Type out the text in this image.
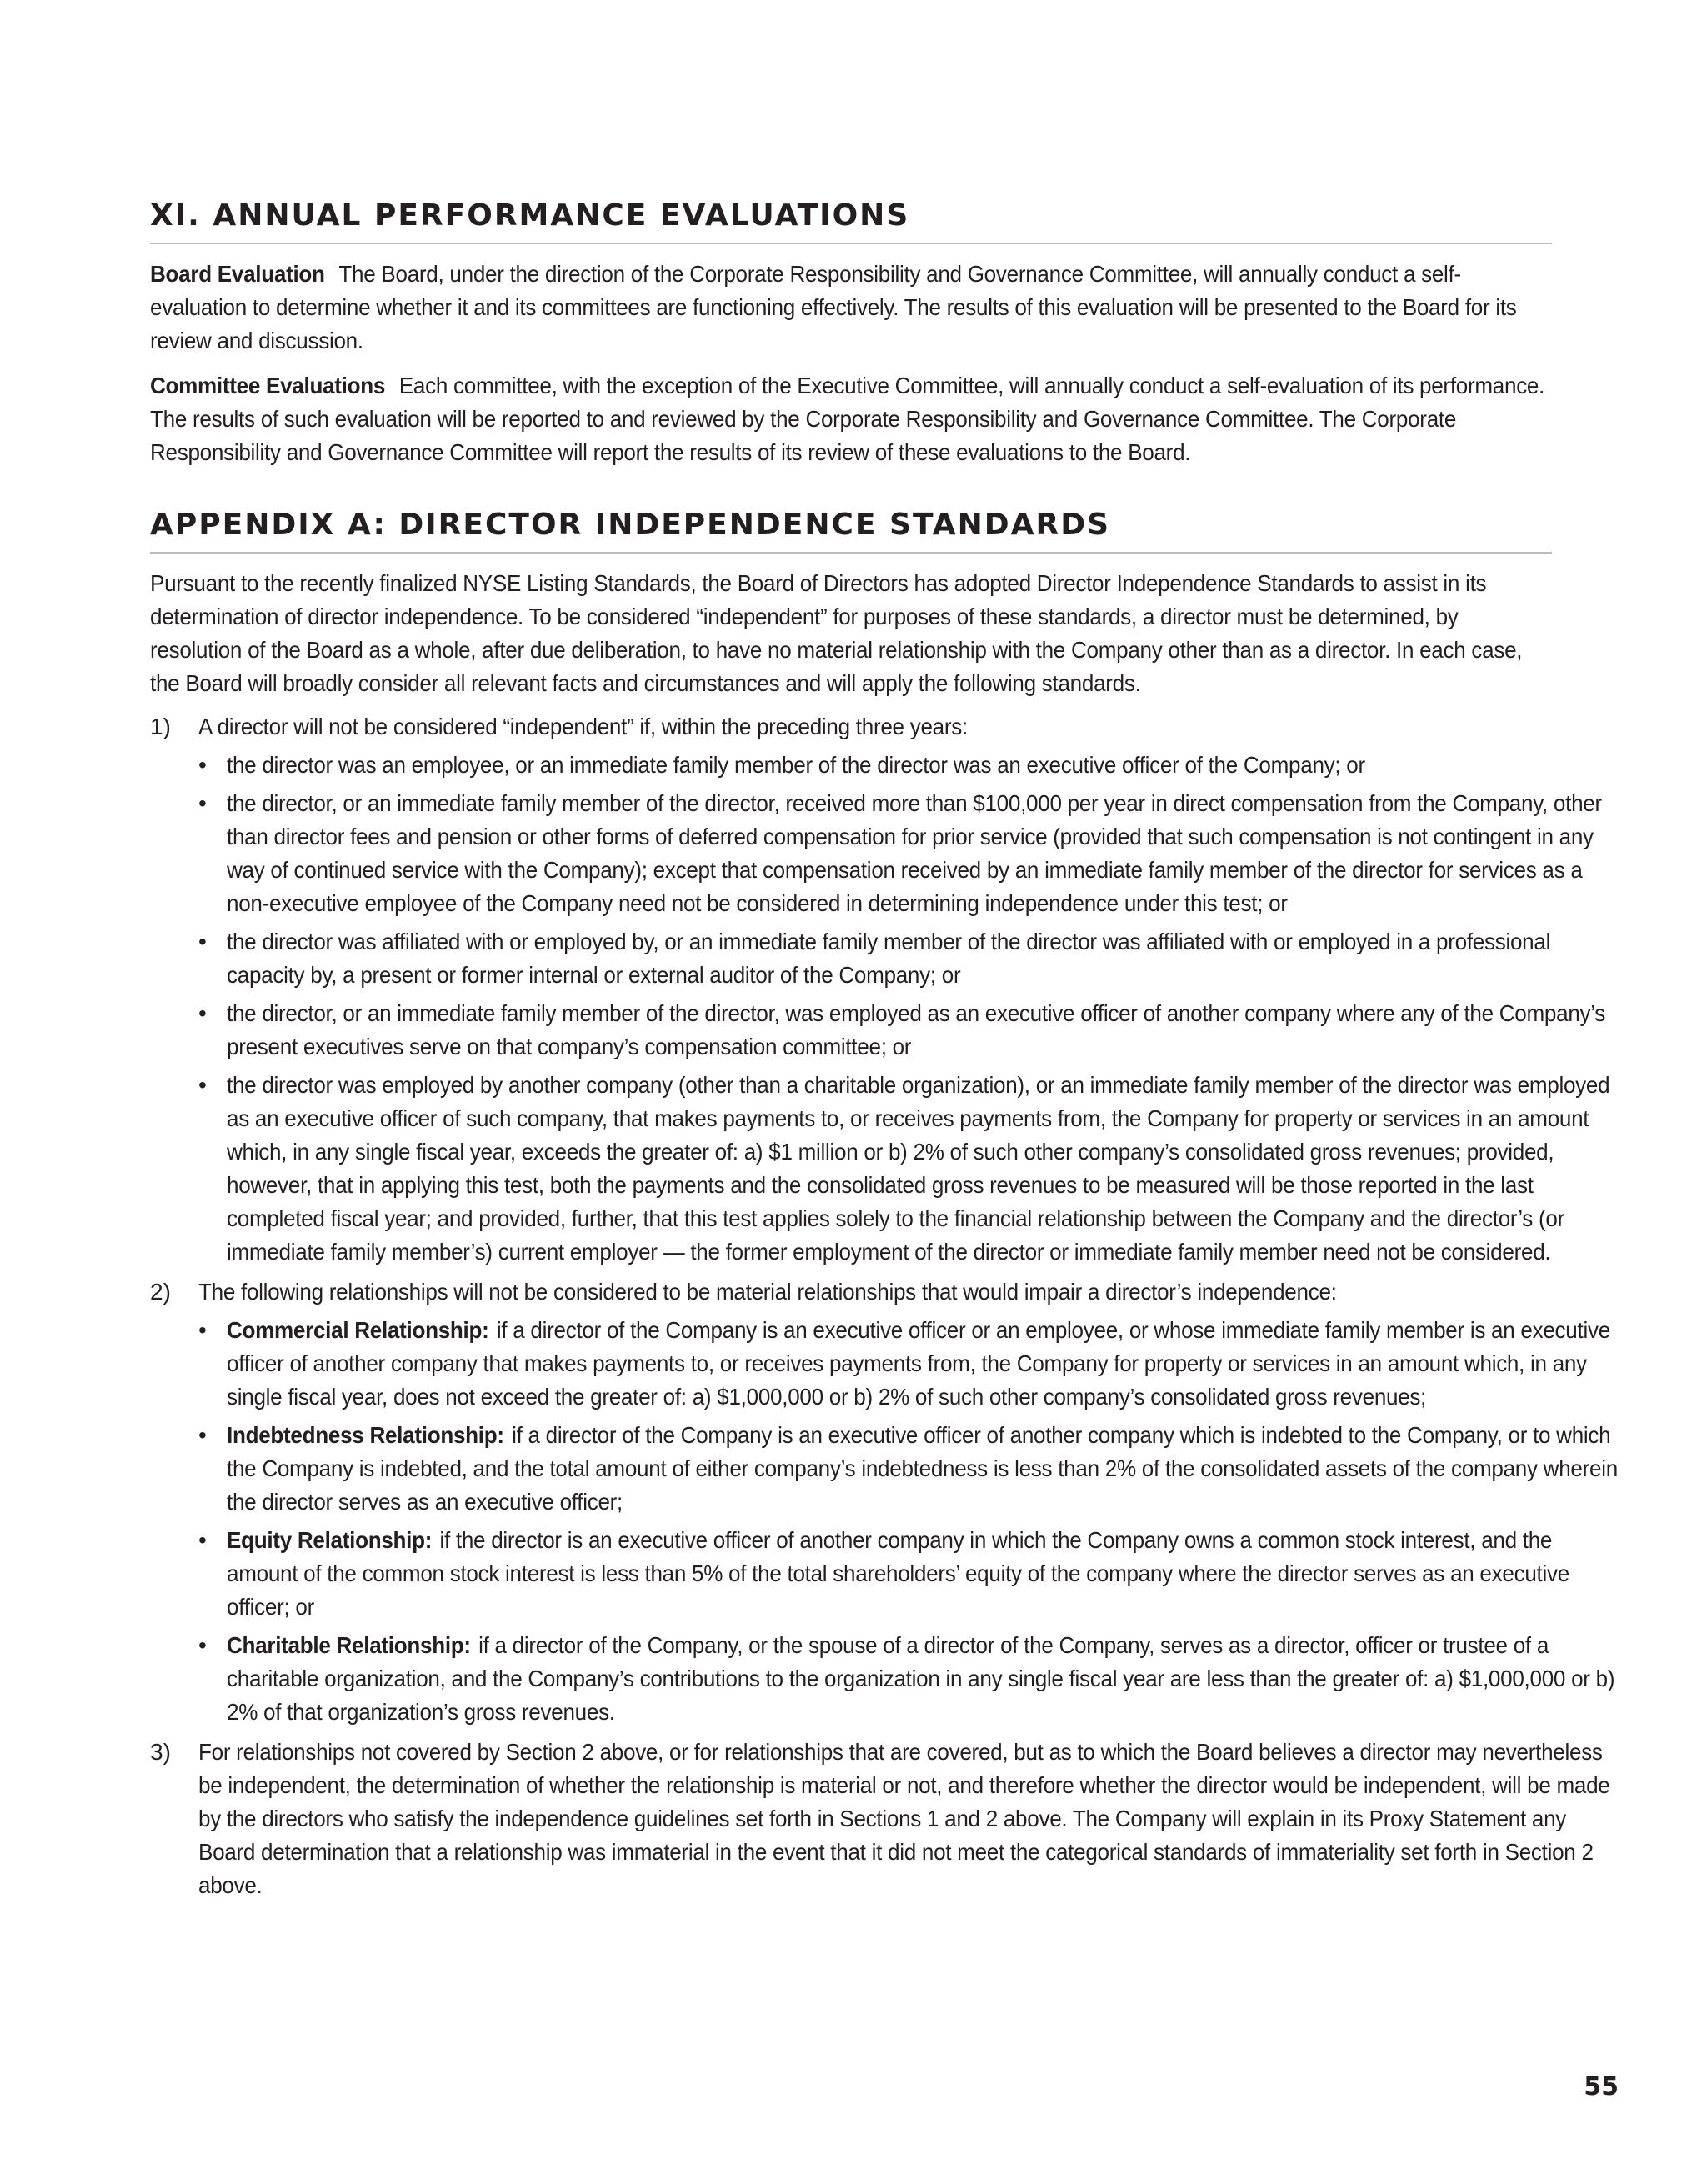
XI. ANNUAL PERFORMANCE EVALUATIONS

Board Evaluation The Board, under the direction of the Corporate Responsibility and Governance Committee, will annually conduct a self-evaluation to determine whether it and its committees are functioning effectively. The results of this evaluation will be presented to the Board for its review and discussion.

Committee Evaluations Each committee, with the exception of the Executive Committee, will annually conduct a self-evaluation of its performance. The results of such evaluation will be reported to and reviewed by the Corporate Responsibility and Governance Committee. The Corporate Responsibility and Governance Committee will report the results of its review of these evaluations to the Board.

APPENDIX A: DIRECTOR INDEPENDENCE STANDARDS

Pursuant to the recently finalized NYSE Listing Standards, the Board of Directors has adopted Director Independence Standards to assist in its determination of director independence. To be considered “independent” for purposes of these standards, a director must be determined, by resolution of the Board as a whole, after due deliberation, to have no material relationship with the Company other than as a director. In each case, the Board will broadly consider all relevant facts and circumstances and will apply the following standards.

1) A director will not be considered “independent” if, within the preceding three years:
• the director was an employee, or an immediate family member of the director was an executive officer of the Company; or
• the director, or an immediate family member of the director, received more than $100,000 per year in direct compensation from the Company, other than director fees and pension or other forms of deferred compensation for prior service (provided that such compensation is not contingent in any way of continued service with the Company); except that compensation received by an immediate family member of the director for services as a non-executive employee of the Company need not be considered in determining independence under this test; or
• the director was affiliated with or employed by, or an immediate family member of the director was affiliated with or employed in a professional capacity by, a present or former internal or external auditor of the Company; or
• the director, or an immediate family member of the director, was employed as an executive officer of another company where any of the Company’s present executives serve on that company’s compensation committee; or
• the director was employed by another company (other than a charitable organization), or an immediate family member of the director was employed as an executive officer of such company, that makes payments to, or receives payments from, the Company for property or services in an amount which, in any single fiscal year, exceeds the greater of: a) $1 million or b) 2% of such other company’s consolidated gross revenues; provided, however, that in applying this test, both the payments and the consolidated gross revenues to be measured will be those reported in the last completed fiscal year; and provided, further, that this test applies solely to the financial relationship between the Company and the director’s (or immediate family member’s) current employer — the former employment of the director or immediate family member need not be considered.
2) The following relationships will not be considered to be material relationships that would impair a director’s independence:
• Commercial Relationship: if a director of the Company is an executive officer or an employee, or whose immediate family member is an executive officer of another company that makes payments to, or receives payments from, the Company for property or services in an amount which, in any single fiscal year, does not exceed the greater of: a) $1,000,000 or b) 2% of such other company’s consolidated gross revenues;
• Indebtedness Relationship: if a director of the Company is an executive officer of another company which is indebted to the Company, or to which the Company is indebted, and the total amount of either company’s indebtedness is less than 2% of the consolidated assets of the company wherein the director serves as an executive officer;
• Equity Relationship: if the director is an executive officer of another company in which the Company owns a common stock interest, and the amount of the common stock interest is less than 5% of the total shareholders’ equity of the company where the director serves as an executive officer; or
• Charitable Relationship: if a director of the Company, or the spouse of a director of the Company, serves as a director, officer or trustee of a charitable organization, and the Company’s contributions to the organization in any single fiscal year are less than the greater of: a) $1,000,000 or b) 2% of that organization’s gross revenues.
3) For relationships not covered by Section 2 above, or for relationships that are covered, but as to which the Board believes a director may nevertheless be independent, the determination of whether the relationship is material or not, and therefore whether the director would be independent, will be made by the directors who satisfy the independence guidelines set forth in Sections 1 and 2 above. The Company will explain in its Proxy Statement any Board determination that a relationship was immaterial in the event that it did not meet the categorical standards of immateriality set forth in Section 2 above.
55
